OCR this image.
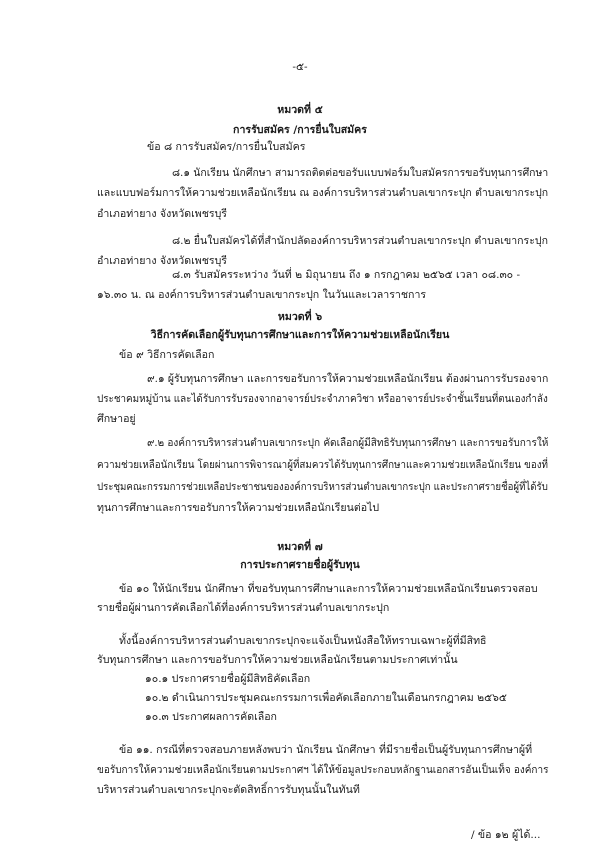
-๕-
หมวดที่ ๕
การรับสมัคร /การยื่นใบสมัคร
ข้อ ๘ การรับสมัคร/การยื่นใบสมัคร
๘.๑ นักเรียน นักศึกษา สามารถติดต่อขอรับแบบฟอร์มใบสมัครการขอรับทุนการศึกษา
และแบบฟอร์มการให้ความช่วยเหลือนักเรียน ณ องค์การบริหารส่วนตำบลเขากระปุก ตำบลเขากระปุก
อำเภอท่ายาง จังหวัดเพชรบุรี
๘.๒ ยื่นใบสมัครได้ที่สำนักปลัดองค์การบริหารส่วนตำบลเขากระปุก ตำบลเขากระปุก
อำเภอท่ายาง จังหวัดเพชรบุรี
๘.๓ รับสมัครระหว่าง วันที่ ๒ มิถุนายน ถึง ๑ กรกฎาคม ๒๕๖๕ เวลา ๐๘.๓๐ -
๑๖.๓๐ น. ณ องค์การบริหารส่วนตำบลเขากระปุก ในวันและเวลาราชการ
หมวดที่ ๖
วิธีการคัดเลือกผู้รับทุนการศึกษาและการให้ความช่วยเหลือนักเรียน
ข้อ ๙ วิธีการคัดเลือก
๙.๑ ผู้รับทุนการศึกษา และการขอรับการให้ความช่วยเหลือนักเรียน ต้องผ่านการรับรองจาก
ประชาคมหมู่บ้าน และได้รับการรับรองจากอาจารย์ประจำภาควิชา หรืออาจารย์ประจำชั้นเรียนที่ตนเองกำลัง
ศึกษาอยู่
๙.๒ องค์การบริหารส่วนตำบลเขากระปุก คัดเลือกผู้มีสิทธิรับทุนการศึกษา และการขอรับการให้
ความช่วยเหลือนักเรียน โดยผ่านการพิจารณาผู้ที่สมควรได้รับทุนการศึกษาและความช่วยเหลือนักเรียน ของที่
ประชุมคณะกรรมการช่วยเหลือประชาชนขององค์การบริหารส่วนตำบลเขากระปุก และประกาศรายชื่อผู้ที่ได้รับ
ทุนการศึกษาและการขอรับการให้ความช่วยเหลือนักเรียนต่อไป
หมวดที่ ๗
การประกาศรายชื่อผู้รับทุน
ข้อ ๑๐ ให้นักเรียน นักศึกษา ที่ขอรับทุนการศึกษาและการให้ความช่วยเหลือนักเรียนตรวจสอบ
รายชื่อผู้ผ่านการคัดเลือกได้ที่องค์การบริหารส่วนตำบลเขากระปุก
ทั้งนี้องค์การบริหารส่วนตำบลเขากระปุกจะแจ้งเป็นหนังสือให้ทราบเฉพาะผู้ที่มีสิทธิ
รับทุนการศึกษา และการขอรับการให้ความช่วยเหลือนักเรียนตามประกาศเท่านั้น
๑๐.๑ ประกาศรายชื่อผู้มีสิทธิคัดเลือก
๑๐.๒ ดำเนินการประชุมคณะกรรมการเพื่อคัดเลือกภายในเดือนกรกฎาคม ๒๕๖๕
๑๐.๓ ประกาศผลการคัดเลือก
ข้อ ๑๑. กรณีที่ตรวจสอบภายหลังพบว่า นักเรียน นักศึกษา ที่มีรายชื่อเป็นผู้รับทุนการศึกษาผู้ที่
ขอรับการให้ความช่วยเหลือนักเรียนตามประกาศฯ ได้ให้ข้อมูลประกอบหลักฐานเอกสารอันเป็นเท็จ องค์การ
บริหารส่วนตำบลเขากระปุกจะตัดสิทธิ์การรับทุนนั้นในทันที
/ ข้อ ๑๒ ผู้ได้...
